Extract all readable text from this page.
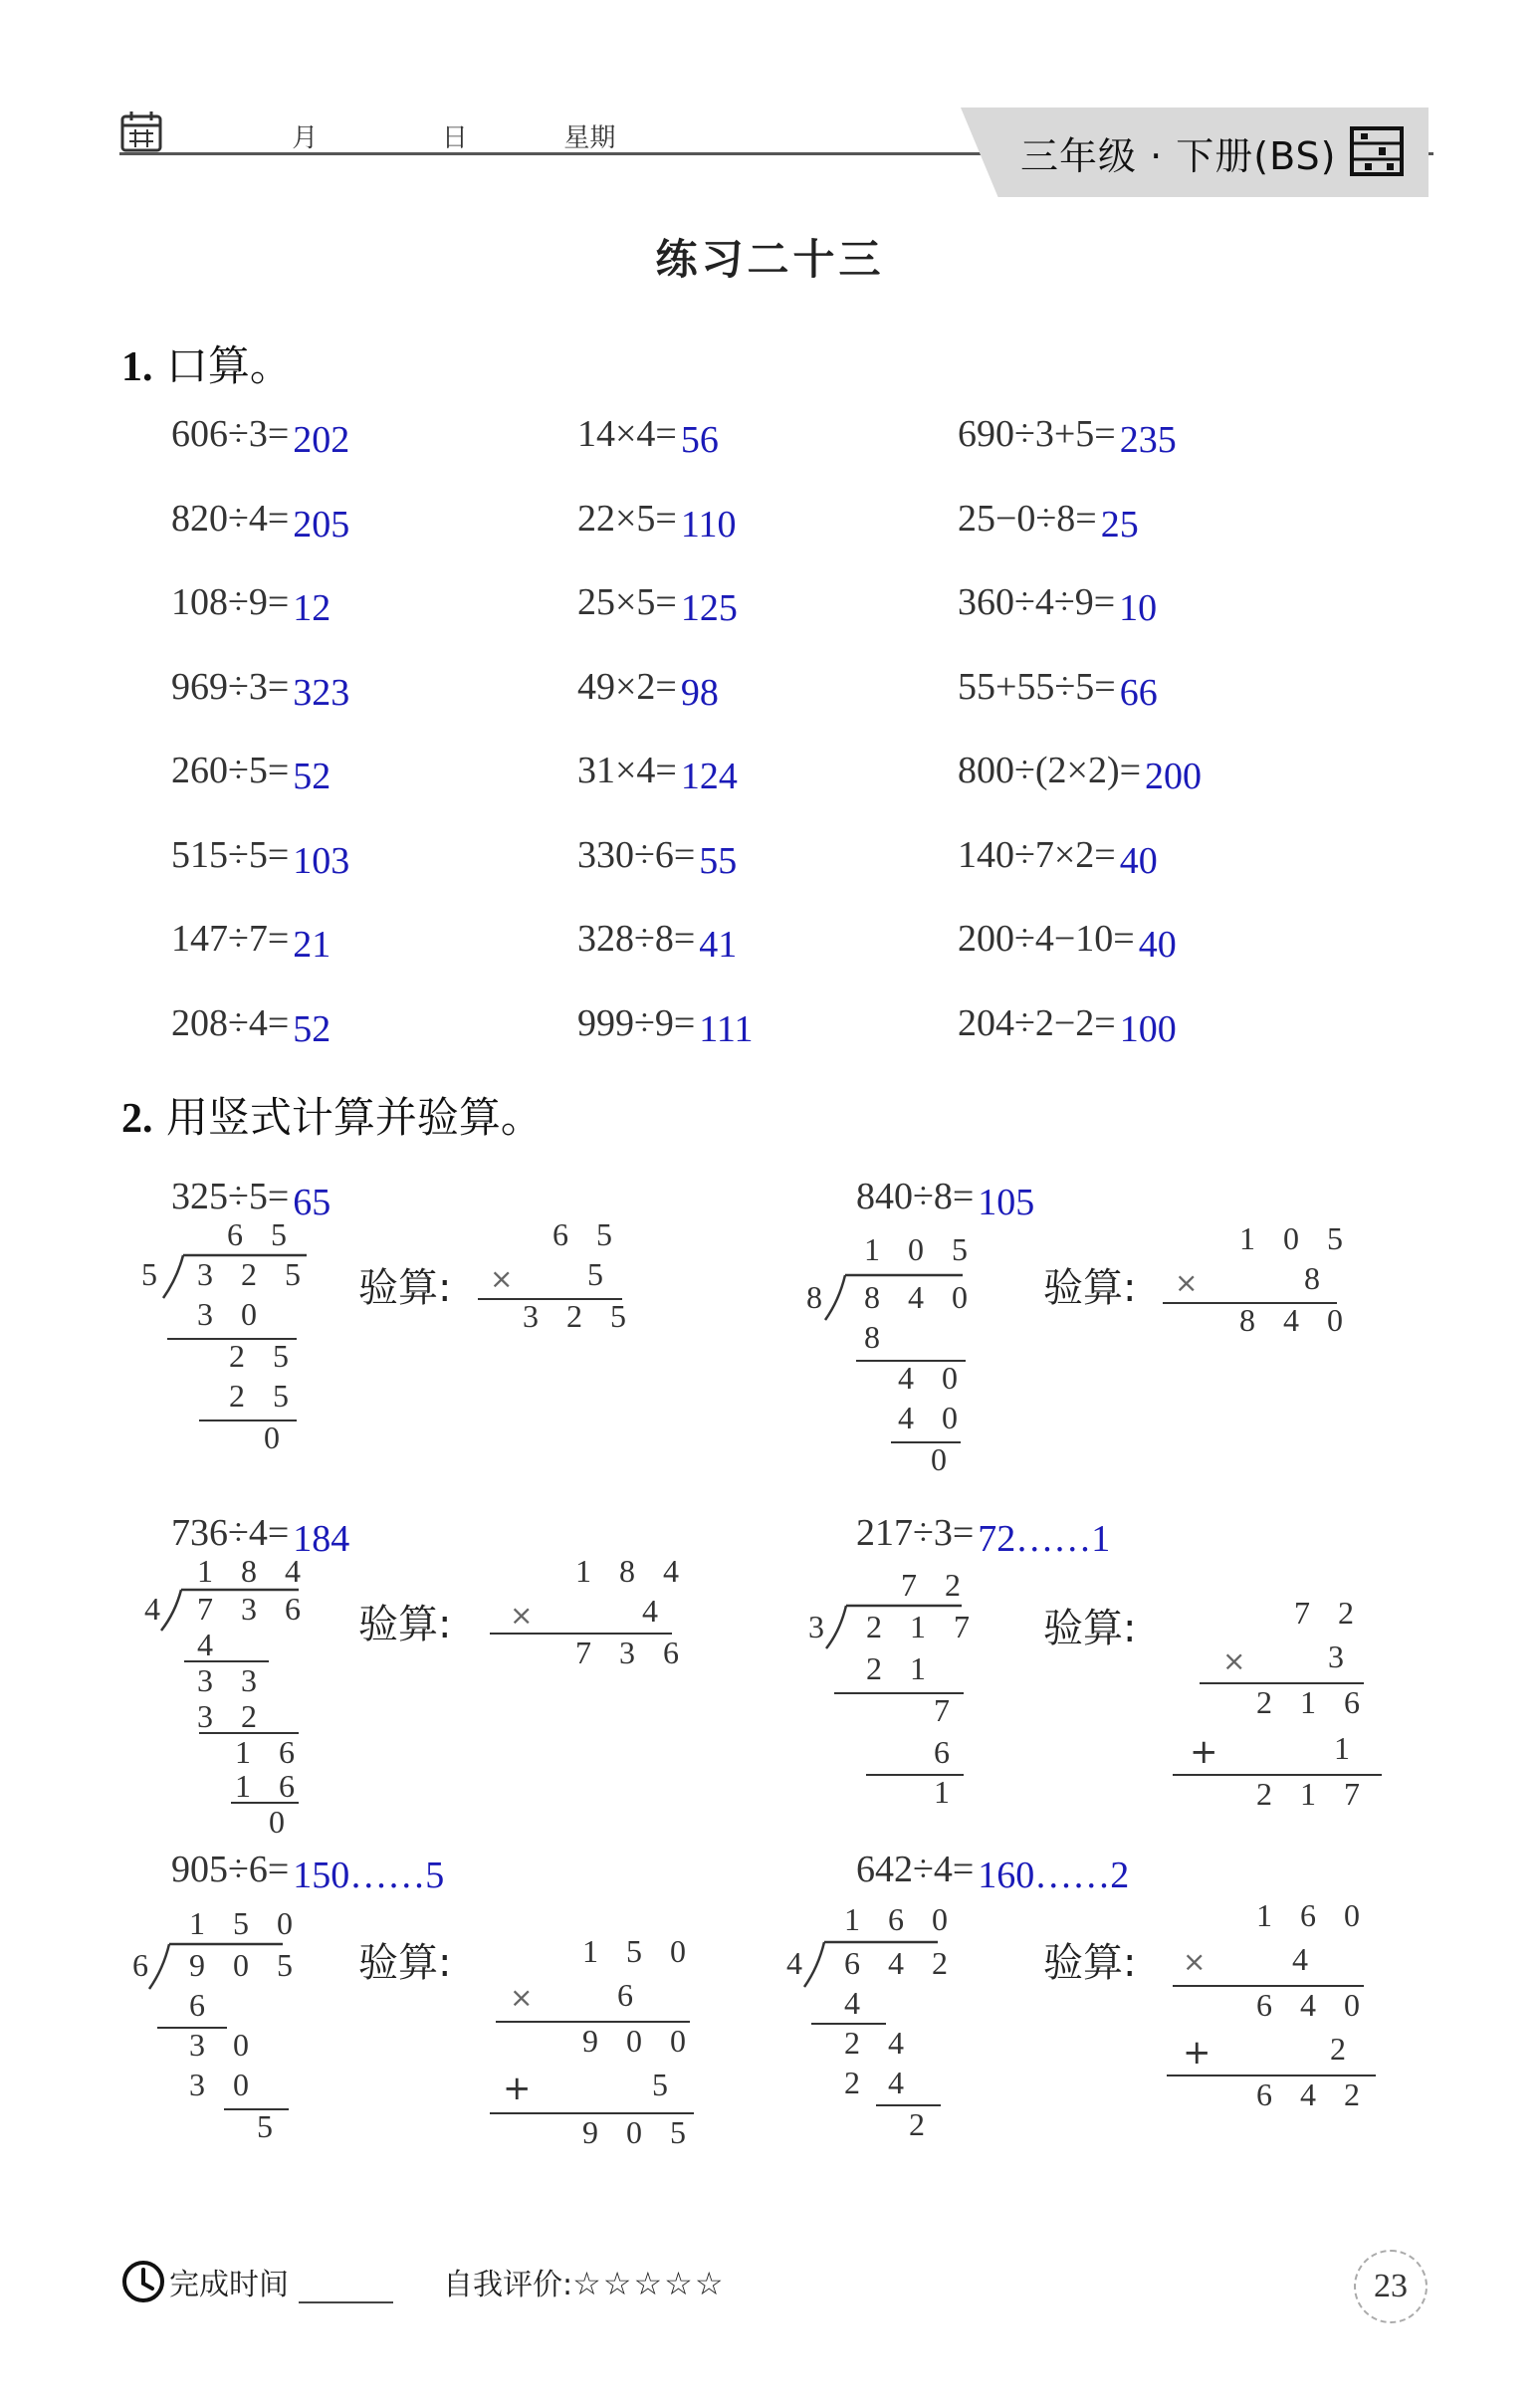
月	日	星期	三年级 · 下册(BS)
练习二十三
1. 口算。
606÷3= 202
820÷4= 205
108÷9= 12
969÷3= 323
260÷5= 52
515÷5= 103
147÷7= 21
208÷4= 52
14×4= 56
22×5= 110
25×5= 125
49×2= 98
31×4= 124
330÷6= 55
328÷8= 41
999÷9= 111
690÷3+5= 235
25−0÷8= 25
360÷4÷9= 10
55+55÷5= 66
800÷(2×2)= 200
140÷7×2= 40
200÷4−10= 40
204÷2−2= 100
2. 用竖式计算并验算。
325÷5= 65	840÷8= 105
736÷4= 184	217÷3= 72……1
905÷6= 150……5	642÷4= 160……2
6 5
5 3 2 5
3 0
2 5
2 5
0
验算:
6 5
× 5
3 2 5
1 0 5
8 8 4 0
8
4 0
4 0
0
验算:
1 0 5
×	8
8 4 0
1 8 4
4 7 3 6
4
3 3
3 2
1 6
1 6
0
验算:
1 8 4
×	4
7 3 6
7 2
3 2 1 7
2 1
7
6
1
验算:	7 2
×	3
2 1 6
+	1
2 1 7
1 5 0
6 9 0 5
6
3 0
3 0
5
验算:	1 5 0
×	6
9 0 0
+	5
9 0 5
1 6 0
4 6 4 2
4
2 4
2 4
2
验算:
1 6 0
×	4
6 4 0
+	2
6 4 2
完成时间	自我评价:☆☆☆☆☆	23
